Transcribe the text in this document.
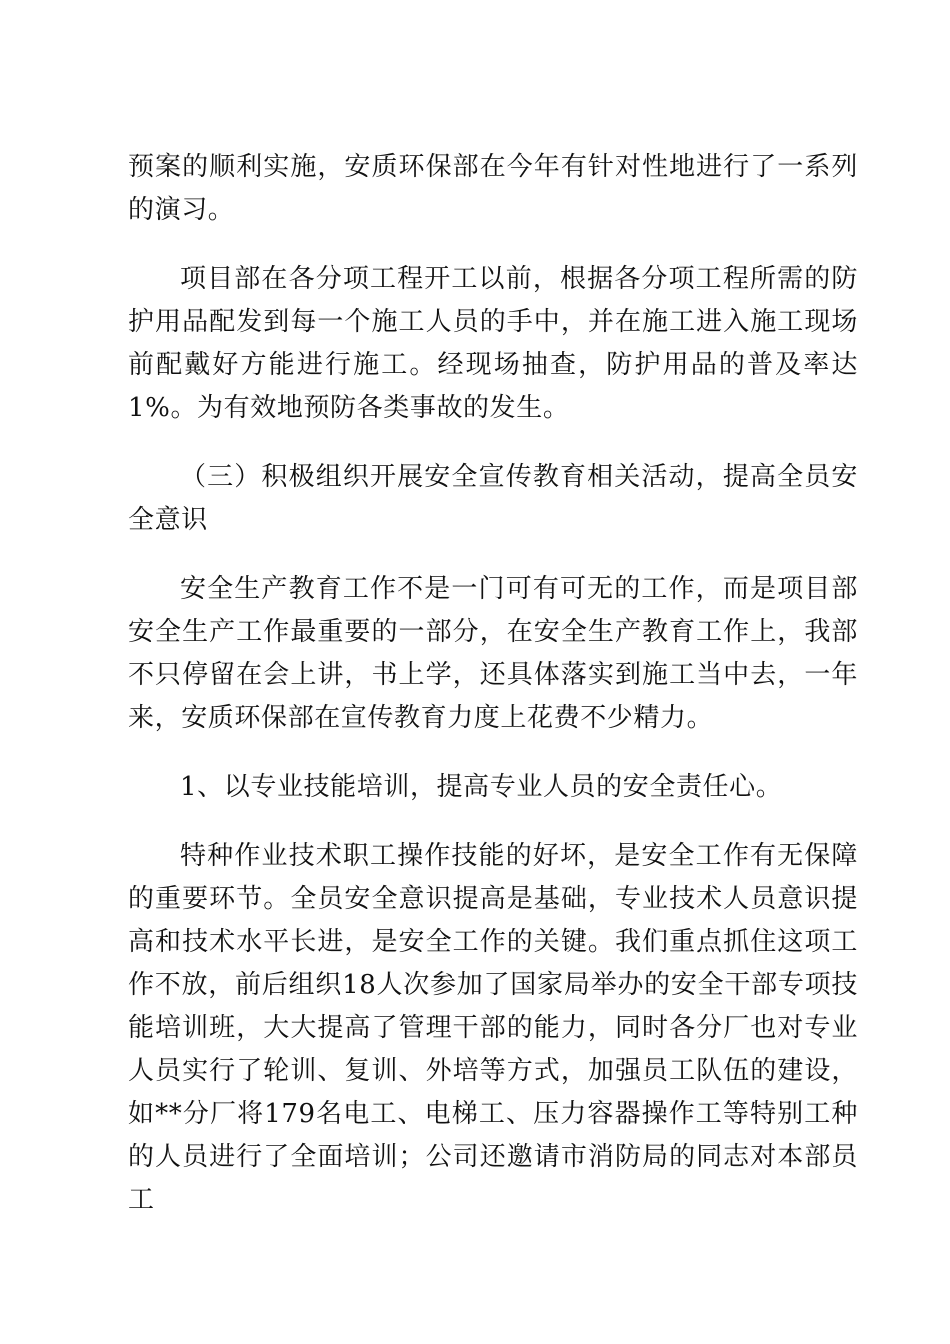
预案的顺利实施，安质环保部在今年有针对性地进行了一系列的演习。

项目部在各分项工程开工以前，根据各分项工程所需的防护用品配发到每一个施工人员的手中，并在施工进入施工现场前配戴好方能进行施工。经现场抽查，防护用品的普及率达1%。为有效地预防各类事故的发生。

（三）积极组织开展安全宣传教育相关活动，提高全员安全意识

安全生产教育工作不是一门可有可无的工作，而是项目部安全生产工作最重要的一部分，在安全生产教育工作上，我部不只停留在会上讲，书上学，还具体落实到施工当中去，一年来，安质环保部在宣传教育力度上花费不少精力。

1、以专业技能培训，提高专业人员的安全责任心。

特种作业技术职工操作技能的好坏，是安全工作有无保障的重要环节。全员安全意识提高是基础，专业技术人员意识提高和技术水平长进，是安全工作的关键。我们重点抓住这项工作不放，前后组织18人次参加了国家局举办的安全干部专项技能培训班，大大提高了管理干部的能力，同时各分厂也对专业人员实行了轮训、复训、外培等方式，加强员工队伍的建设，如**分厂将179名电工、电梯工、压力容器操作工等特别工种的人员进行了全面培训；公司还邀请市消防局的同志对本部员工
